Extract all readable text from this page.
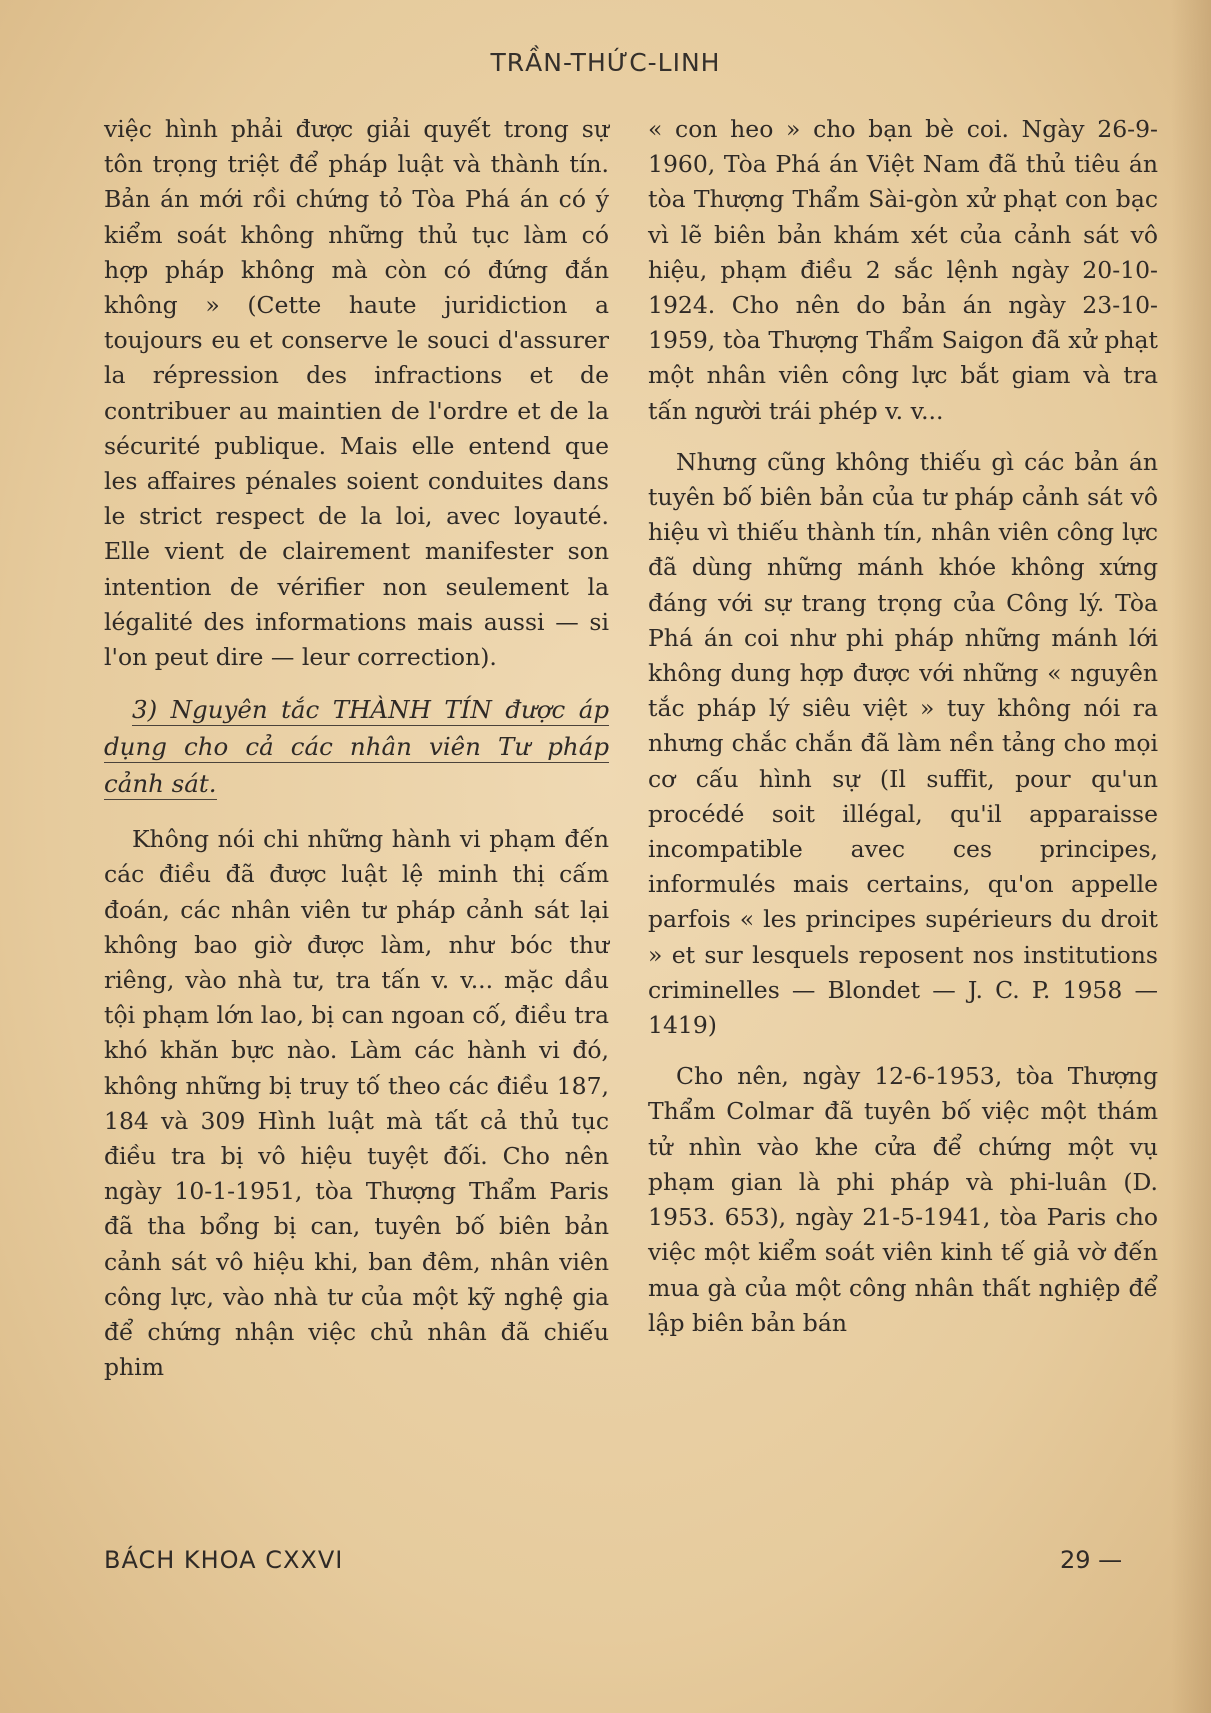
TRẦN-THỨC-LINH

việc hình phải được giải quyết trong sự tôn trọng triệt để pháp luật và thành tín. Bản án mới rồi chứng tỏ Tòa Phá án có ý kiểm soát không những thủ tục làm có hợp pháp không mà còn có đứng đắn không » (Cette haute juridiction a toujours eu et conserve le souci d'assurer la répression des infractions et de contribuer au maintien de l'ordre et de la sécurité publique. Mais elle entend que les affaires pénales soient conduites dans le strict respect de la loi, avec loyauté. Elle vient de clairement manifester son intention de vérifier non seulement la légalité des informations mais aussi — si l'on peut dire — leur correction).

3) Nguyên tắc THÀNH TÍN được áp dụng cho cả các nhân viên Tư pháp cảnh sát.

Không nói chi những hành vi phạm đến các điều đã được luật lệ minh thị cấm đoán, các nhân viên tư pháp cảnh sát lại không bao giờ được làm, như bóc thư riêng, vào nhà tư, tra tấn v. v... mặc dầu tội phạm lớn lao, bị can ngoan cố, điều tra khó khăn bực nào. Làm các hành vi đó, không những bị truy tố theo các điều 187, 184 và 309 Hình luật mà tất cả thủ tục điều tra bị vô hiệu tuyệt đối. Cho nên ngày 10-1-1951, tòa Thượng Thẩm Paris đã tha bổng bị can, tuyên bố biên bản cảnh sát vô hiệu khi, ban đêm, nhân viên công lực, vào nhà tư của một kỹ nghệ gia để chứng nhận việc chủ nhân đã chiếu phim

« con heo » cho bạn bè coi. Ngày 26-9-1960, Tòa Phá án Việt Nam đã thủ tiêu án tòa Thượng Thẩm Sài-gòn xử phạt con bạc vì lẽ biên bản khám xét của cảnh sát vô hiệu, phạm điều 2 sắc lệnh ngày 20-10-1924. Cho nên do bản án ngày 23-10-1959, tòa Thượng Thẩm Saigon đã xử phạt một nhân viên công lực bắt giam và tra tấn người trái phép v. v...

Nhưng cũng không thiếu gì các bản án tuyên bố biên bản của tư pháp cảnh sát vô hiệu vì thiếu thành tín, nhân viên công lực đã dùng những mánh khóe không xứng đáng với sự trang trọng của Công lý. Tòa Phá án coi như phi pháp những mánh lới không dung hợp được với những « nguyên tắc pháp lý siêu việt » tuy không nói ra nhưng chắc chắn đã làm nền tảng cho mọi cơ cấu hình sự (Il suffit, pour qu'un procédé soit illégal, qu'il apparaisse incompatible avec ces principes, informulés mais certains, qu'on appelle parfois « les principes supérieurs du droit » et sur lesquels reposent nos institutions criminelles — Blondet — J. C. P. 1958 — 1419)

Cho nên, ngày 12-6-1953, tòa Thượng Thẩm Colmar đã tuyên bố việc một thám tử nhìn vào khe cửa để chứng một vụ phạm gian là phi pháp và phi-luân (D. 1953. 653), ngày 21-5-1941, tòa Paris cho việc một kiểm soát viên kinh tế giả vờ đến mua gà của một công nhân thất nghiệp để lập biên bản bán

BÁCH KHOA CXXVI	29 —
